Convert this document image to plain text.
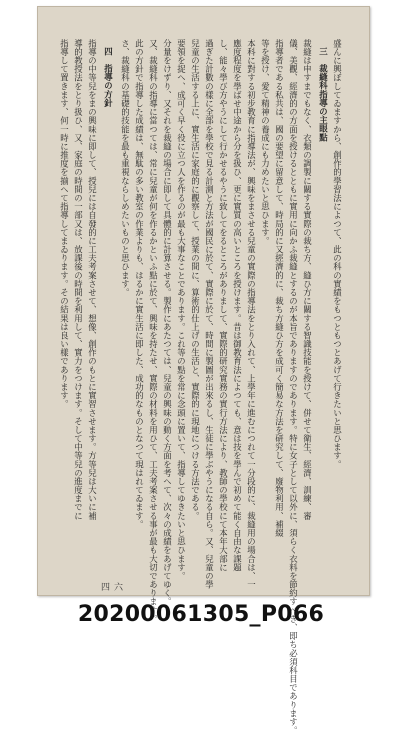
盛んに興ぼしてゐますから、創作的學習法によつて、此の科の實績をもつともつとあげて行きたいと思ひます。
三　裁縫科指導の主眼點
裁縫は申すまでもなく、衣類の調製に關する實際の裁ち方、縫ひ方に關する智識技能を授けて、併せて衛生、經濟、訓練、審
儀、美觀、經濟的の方面を授けるとともに實用に向かふ裁縫とするのが本旨でありますのであります。特に女子として以外に、須らく衣料を節約すべき、即ち必須科目であります。
指導者である私共は、國の要望に留意して、時局的に又經濟的に、裁ち方縫ひ方を成可く簡易な方法を研究して、廢物利用、補綴
等を授け、愛て精神の養成にも力めたいと思ひます。
本科に對する初步教育に指導法が、興味をまさせる兒童の實際の指導法をとり入れて、上學年に進むにつれて一分段的に、裁縫用の場合は、一
應度程度を學ばせ中途から分を扱ひ、更に實質の高いところを授けます。昔は御教育法によつても、意は技を學んで初めて能く自由な課題
し、能々學び方やうにして行かせるやうに致してをるところがありまして、實際的研究實務の實行方法により、教師の學校にて本年大部に
過ぎた計數の樣に全部を學校で見る計測と方法が國民に於て、實際に於て、時間に製圖が出來るし、生徒に學ぶやうになる自ら。又、兒童の學
兒童の生活する上に、實生活に家庭的に觀察して、授業の間に、算術的仕上げの生活と、實際的に現地につける方法である。
要領を捉へ、成可く早く役に立つ人を作るのが最も大事なことであります。これ等の點を常に念頭に置いて、指導してゆきたいと思ひます。
分量をけずり、又それを裁縫の場合に即して具體的に計算させる。製作にあたつては、兒童の興味の動く方面を考へて、次々の成績をあげてゆく。
又、裁縫科の指導に當つては、常に兒童が何を作るかといふ點に於て、興味を持たせ、實際の材料を用ひて、工夫考案させる事が最も大切であります。
此の方針で指導した成績は、無駄の多い教室の作業よりも、はるかに實生活に即した、成功的なものとなつて現はれてゐます。
さ、裁縫科の基礎的技能を最も重視ならしめたいものと思ひます。
四　指導の方針
指導の中等兒をまの興味に即して、授兒には自發的に工夫考案させて、想像、創作のもとに實習させます。方等兒は大いに補
導的教授法をとり扱ひ、又、家庭の時間の一部又は、放課後の時間を利用して、實力をつけます。そして中等兒の進度までに
指導して置きます、何一時に推度を揃へて指導してまゐります。その結果は良い樣であります。
六四
20200061305_P066
